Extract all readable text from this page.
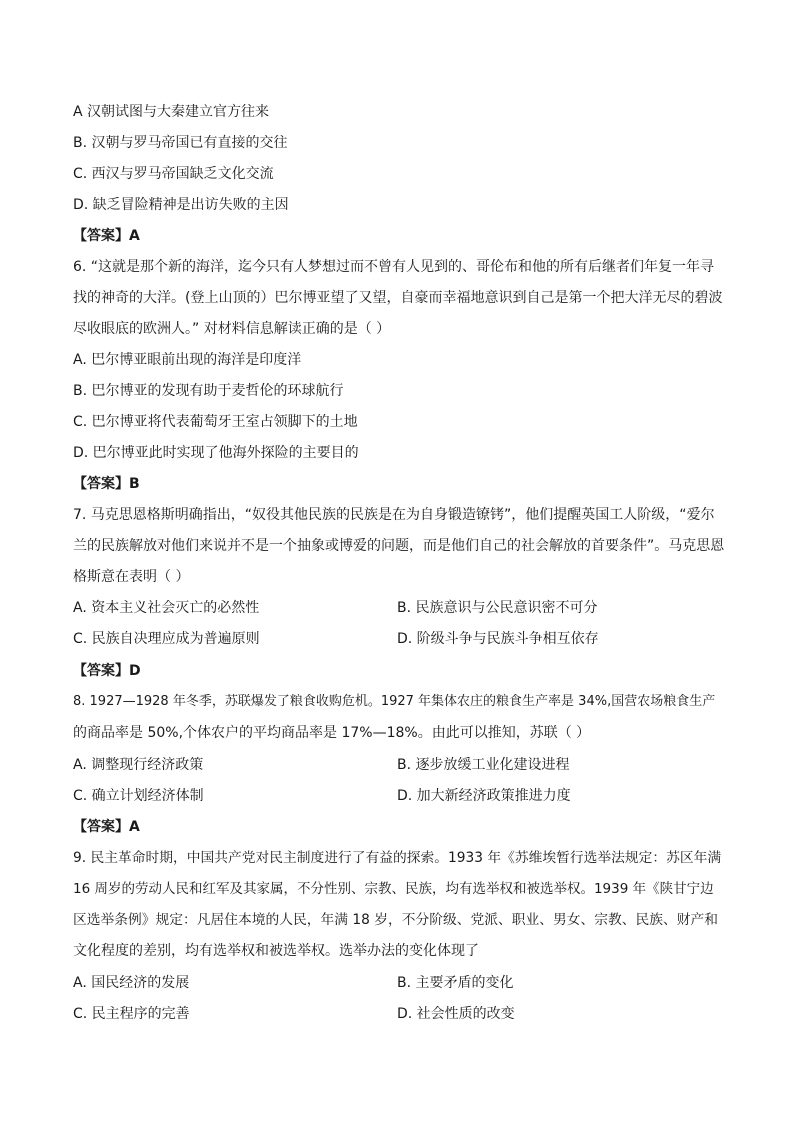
A 汉朝试图与大秦建立官方往来
B. 汉朝与罗马帝国已有直接的交往
C. 西汉与罗马帝国缺乏文化交流
D. 缺乏冒险精神是出访失败的主因
【答案】A
6. “这就是那个新的海洋，迄今只有人梦想过而不曾有人见到的、哥伦布和他的所有后继者们年复一年寻
找的神奇的大洋。(登上山顶的）巴尔博亚望了又望，自豪而幸福地意识到自己是第一个把大洋无尽的碧波
尽收眼底的欧洲人。” 对材料信息解读正确的是（ ）
A. 巴尔博亚眼前出现的海洋是印度洋
B. 巴尔博亚的发现有助于麦哲伦的环球航行
C. 巴尔博亚将代表葡萄牙王室占领脚下的土地
D. 巴尔博亚此时实现了他海外探险的主要目的
【答案】B
7. 马克思恩格斯明确指出，“奴役其他民族的民族是在为自身锻造镣铐”，他们提醒英国工人阶级，“爱尔
兰的民族解放对他们来说并不是一个抽象或博爱的问题，而是他们自己的社会解放的首要条件”。马克思恩
格斯意在表明（ ）
A. 资本主义社会灭亡的必然性	B. 民族意识与公民意识密不可分
C. 民族自决理应成为普遍原则	D. 阶级斗争与民族斗争相互依存
【答案】D
8. 1927—1928 年冬季，苏联爆发了粮食收购危机。1927 年集体农庄的粮食生产率是 34%,国营农场粮食生产
的商品率是 50%,个体农户的平均商品率是 17%—18%。由此可以推知，苏联（ ）
A. 调整现行经济政策	B. 逐步放缓工业化建设进程
C. 确立计划经济体制	D. 加大新经济政策推进力度
【答案】A
9. 民主革命时期，中国共产党对民主制度进行了有益的探索。1933 年《苏维埃暂行选举法规定：苏区年满
16 周岁的劳动人民和红军及其家属，不分性别、宗教、民族，均有选举权和被选举权。1939 年《陕甘宁边
区选举条例》规定：凡居住本境的人民，年满 18 岁，不分阶级、党派、职业、男女、宗教、民族、财产和
文化程度的差别，均有选举权和被选举权。选举办法的变化体现了
A. 国民经济的发展	B. 主要矛盾的变化
C. 民主程序的完善	D. 社会性质的改变
